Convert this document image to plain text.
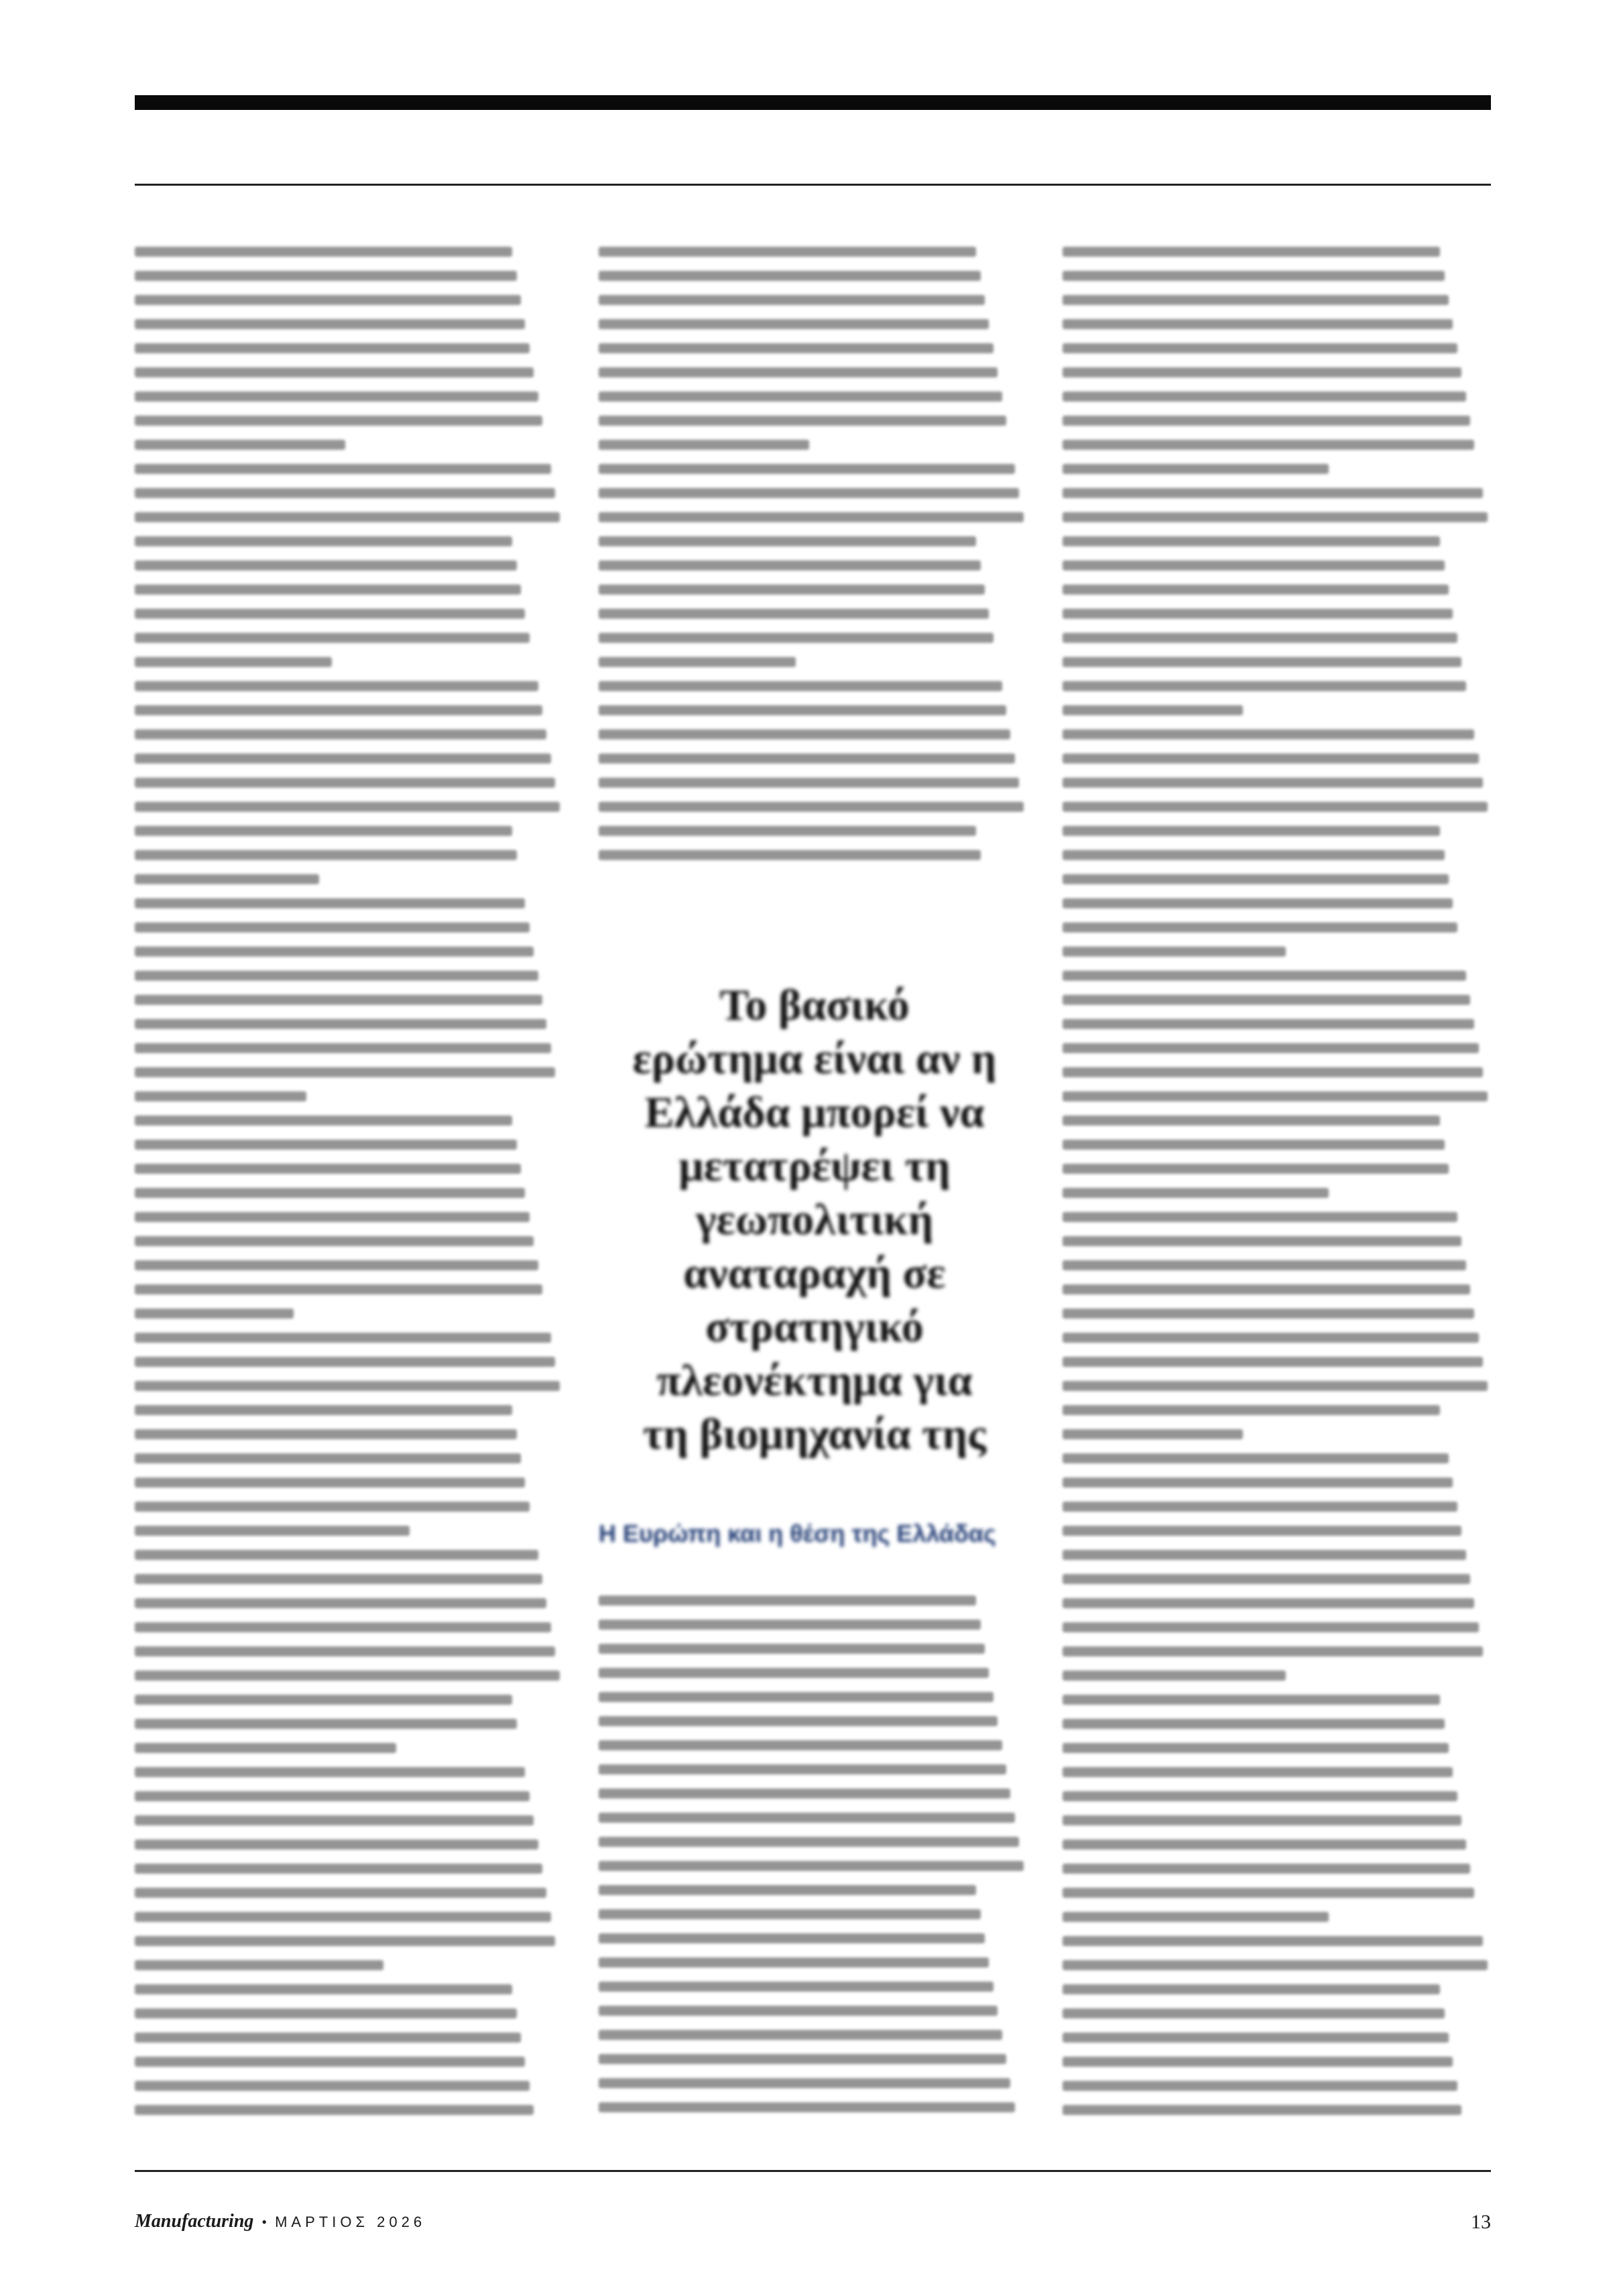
Το βασικό ερώτημα είναι αν η Ελλάδα μπορεί να μετατρέψει τη γεωπολιτική αναταραχή σε στρατηγικό πλεονέκτημα για τη βιομηχανία της
Η Ευρώπη και η θέση της Ελλάδας
Manufacturing • ΜΑΡΤΙΟΣ 2026	13
